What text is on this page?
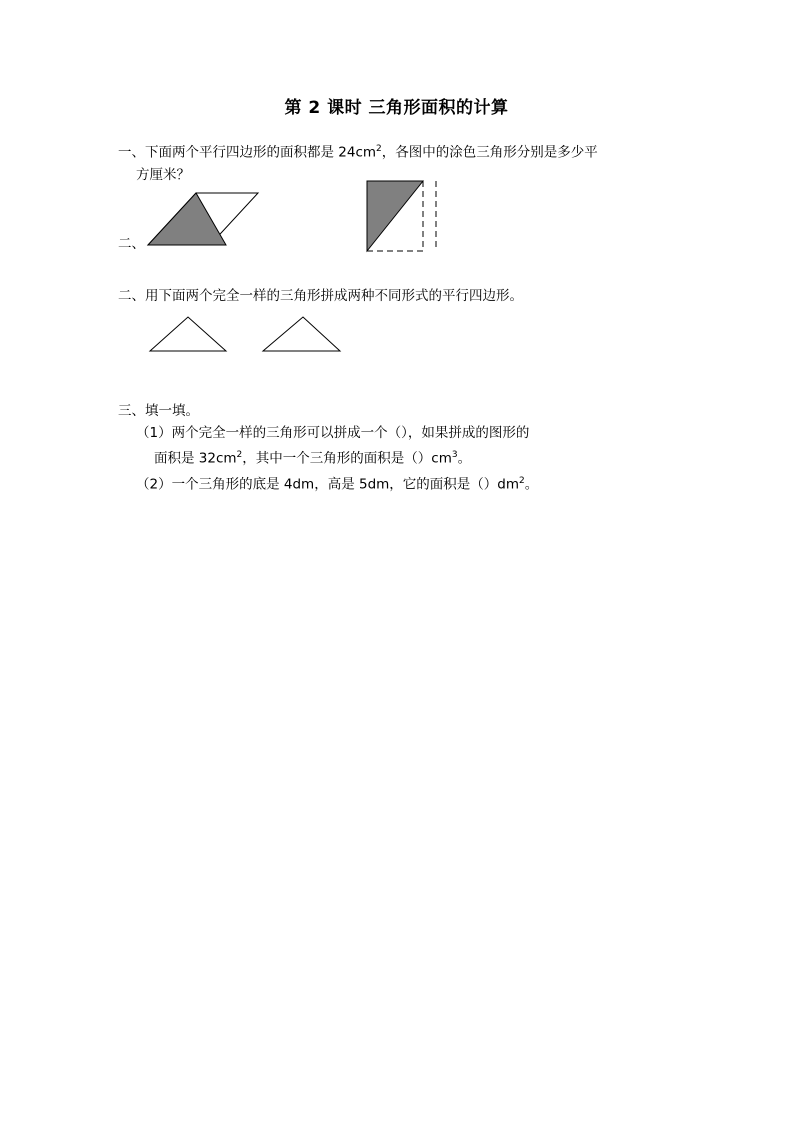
第 2 课时 三角形面积的计算
一、下面两个平行四边形的面积都是 $24cm^2$，各图中的涂色三角形分别是多少平
方厘米？
二、
二、用下面两个完全一样的三角形拼成两种不同形式的平行四边形。
三、填一填。
（1）两个完全一样的三角形可以拼成一个（），如果拼成的图形的
面积是 $32cm^2$，其中一个三角形的面积是$()cm^3$。
（2）一个三角形的底是 4dm，高是 5dm，它的面积是$()dm^2$。
